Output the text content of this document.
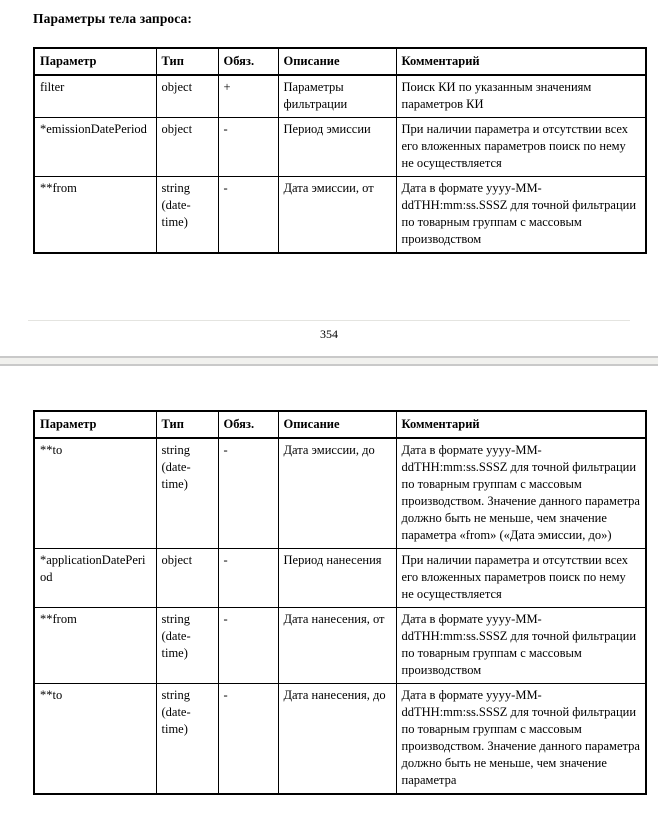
Параметры тела запроса:
Параметр	Тип	Обяз.	Описание	Комментарий
filter	object	+	Параметры фильтрации	Поиск КИ по указанным значениям параметров КИ
*emissionDatePeriod	object	-	Период эмиссии	При наличии параметра и отсутствии всех его вложенных параметров поиск по нему не осуществляется
**from	string (date-time)	-	Дата эмиссии, от	Дата в формате yyyy-MM-ddTHH:mm:ss.SSSZ для точной фильтрации по товарным группам с массовым производством
354
Параметр	Тип	Обяз.	Описание	Комментарий
**to	string (date-time)	-	Дата эмиссии, до	Дата в формате yyyy-MM-ddTHH:mm:ss.SSSZ для точной фильтрации по товарным группам с массовым производством. Значение данного параметра должно быть не меньше, чем значение параметра «from» («Дата эмиссии, до»)
*applicationDatePeriod	object	-	Период нанесения	При наличии параметра и отсутствии всех его вложенных параметров поиск по нему не осуществляется
**from	string (date-time)	-	Дата нанесения, от	Дата в формате yyyy-MM-ddTHH:mm:ss.SSSZ для точной фильтрации по товарным группам с массовым производством
**to	string (date-time)	-	Дата нанесения, до	Дата в формате yyyy-MM-ddTHH:mm:ss.SSSZ для точной фильтрации по товарным группам с массовым производством. Значение данного параметра должно быть не меньше, чем значение параметра
